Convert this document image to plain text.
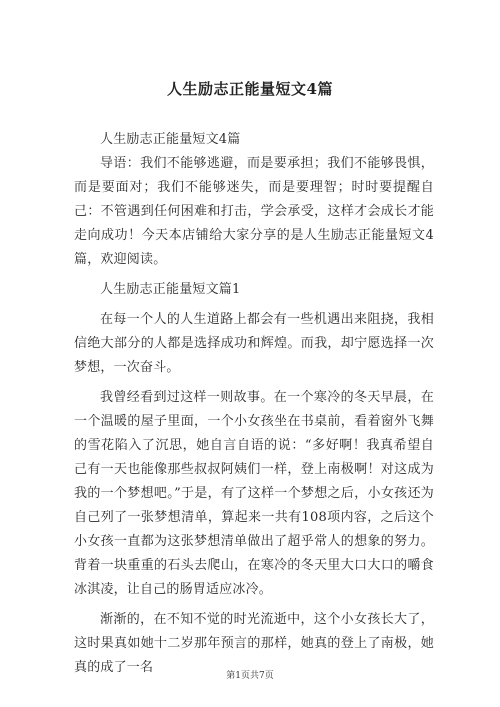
人生励志正能量短文4篇

人生励志正能量短文4篇

导语：我们不能够逃避，而是要承担；我们不能够畏惧，而是要面对；我们不能够迷失，而是要理智；时时要提醒自己：不管遇到任何困难和打击，学会承受，这样才会成长才能走向成功！今天本店铺给大家分享的是人生励志正能量短文4篇，欢迎阅读。

人生励志正能量短文篇1

在每一个人的人生道路上都会有一些机遇出来阻挠，我相信绝大部分的人都是选择成功和辉煌。而我，却宁愿选择一次梦想，一次奋斗。

我曾经看到过这样一则故事。在一个寒冷的冬天早晨，在一个温暖的屋子里面，一个小女孩坐在书桌前，看着窗外飞舞的雪花陷入了沉思，她自言自语的说：“多好啊！我真希望自己有一天也能像那些叔叔阿姨们一样，登上南极啊！对这成为我的一个梦想吧。”于是，有了这样一个梦想之后，小女孩还为自己列了一张梦想清单，算起来一共有108项内容，之后这个小女孩一直都为这张梦想清单做出了超乎常人的想象的努力。背着一块重重的石头去爬山，在寒冷的冬天里大口大口的嚼食冰淇凌，让自己的肠胃适应冰冷。

渐渐的，在不知不觉的时光流逝中，这个小女孩长大了，这时果真如她十二岁那年预言的那样，她真的登上了南极，她真的成了一名

第1页共7页
